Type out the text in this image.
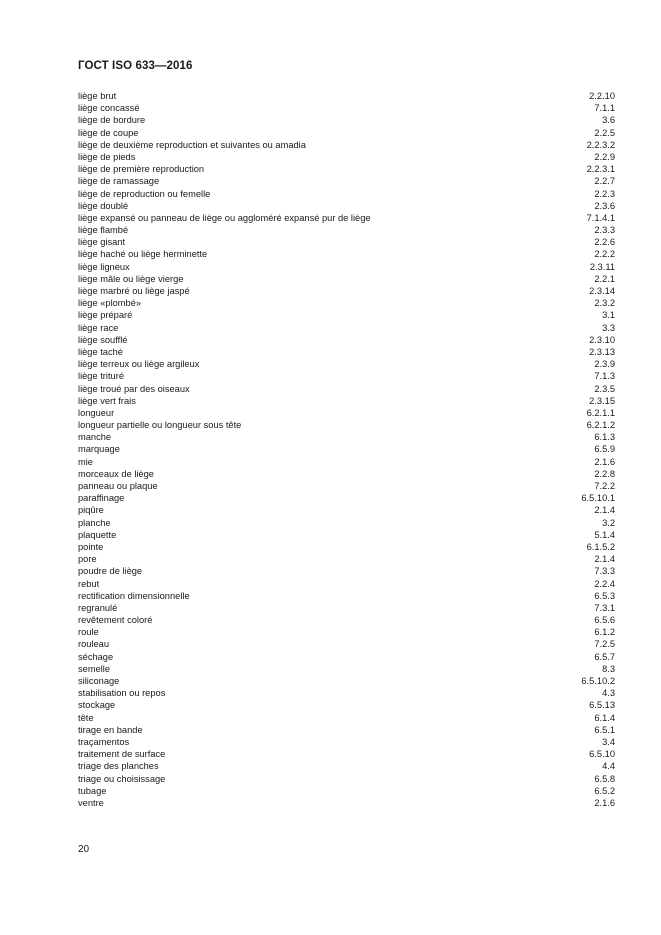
ГОСТ ISO 633—2016
liège brut	2.2.10
liège concassé	7.1.1
liège de bordure	3.6
liège de coupe	2.2.5
liège de deuxième reproduction et suivantes ou amadia	2.2.3.2
liège de pieds	2.2.9
liège de première reproduction	2.2.3.1
liège de ramassage	2.2.7
liège de reproduction ou femelle	2.2.3
liège doublé	2.3.6
liège expansé ou panneau de liège ou aggloméré expansé pur de liège	7.1.4.1
liège flambé	2.3.3
liège gisant	2.2.6
liège haché ou liège herminette	2.2.2
liège ligneux	2.3.11
liège mâle ou liège vierge	2.2.1
liège marbré ou liège jaspé	2.3.14
liège «plombé»	2.3.2
liège préparé	3.1
liège race	3.3
liège soufflé	2.3.10
liège taché	2.3.13
liège terreux ou liège argileux	2.3.9
liège trituré	7.1.3
liège troué par des oiseaux	2.3.5
liège vert frais	2.3.15
longueur	6.2.1.1
longueur partielle ou longueur sous tête	6.2.1.2
manche	6.1.3
marquage	6.5.9
mie	2.1.6
morceaux de liège	2.2.8
panneau ou plaque	7.2.2
paraffinage	6.5.10.1
piqûre	2.1.4
planche	3.2
plaquette	5.1.4
pointe	6.1.5.2
pore	2.1.4
poudre de liège	7.3.3
rebut	2.2.4
rectification dimensionnelle	6.5.3
regranulé	7.3.1
revêtement coloré	6.5.6
roule	6.1.2
rouleau	7.2.5
séchage	6.5.7
semelle	8.3
siliconage	6.5.10.2
stabilisation ou repos	4.3
stockage	6.5.13
tête	6.1.4
tirage en bande	6.5.1
traçamentos	3.4
traitement de surface	6.5.10
triage des planches	4.4
triage ou choisissage	6.5.8
tubage	6.5.2
ventre	2.1.6
20
